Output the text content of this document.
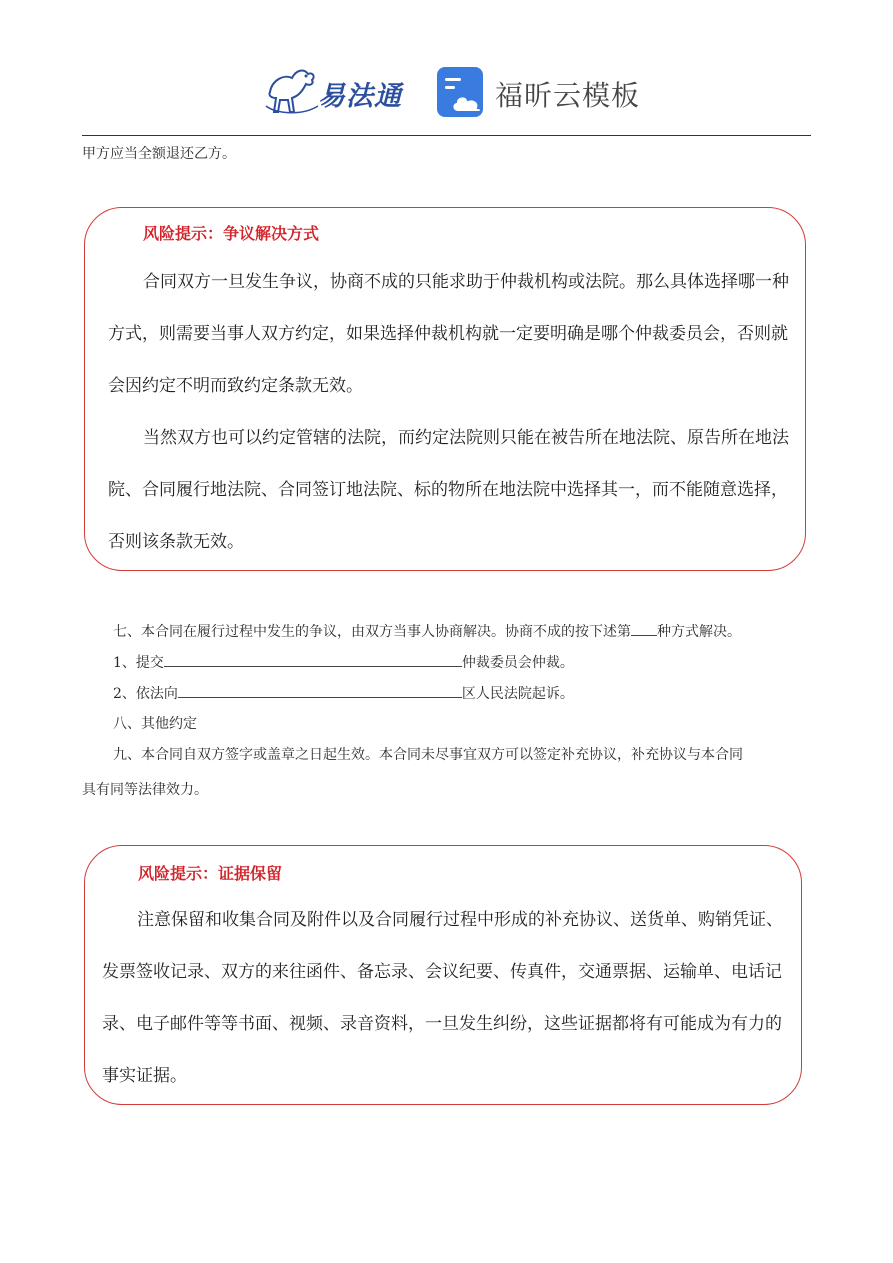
易法通	福昕云模板
甲方应当全额退还乙方。
风险提示：争议解决方式
合同双方一旦发生争议，协商不成的只能求助于仲裁机构或法院。那么具体选择哪一种
方式，则需要当事人双方约定，如果选择仲裁机构就一定要明确是哪个仲裁委员会，否则就
会因约定不明而致约定条款无效。
当然双方也可以约定管辖的法院，而约定法院则只能在被告所在地法院、原告所在地法
院、合同履行地法院、合同签订地法院、标的物所在地法院中选择其一，而不能随意选择，
否则该条款无效。
七、本合同在履行过程中发生的争议，由双方当事人协商解决。协商不成的按下述第 种方式解决。
1、提交	仲裁委员会仲裁。
2、依法向	区人民法院起诉。
八、其他约定
九、本合同自双方签字或盖章之日起生效。本合同未尽事宜双方可以签定补充协议，补充协议与本合同
具有同等法律效力。
风险提示：证据保留
注意保留和收集合同及附件以及合同履行过程中形成的补充协议、送货单、购销凭证、
发票签收记录、双方的来往函件、备忘录、会议纪要、传真件，交通票据、运输单、电话记
录、电子邮件等等书面、视频、录音资料，一旦发生纠纷，这些证据都将有可能成为有力的
事实证据。
